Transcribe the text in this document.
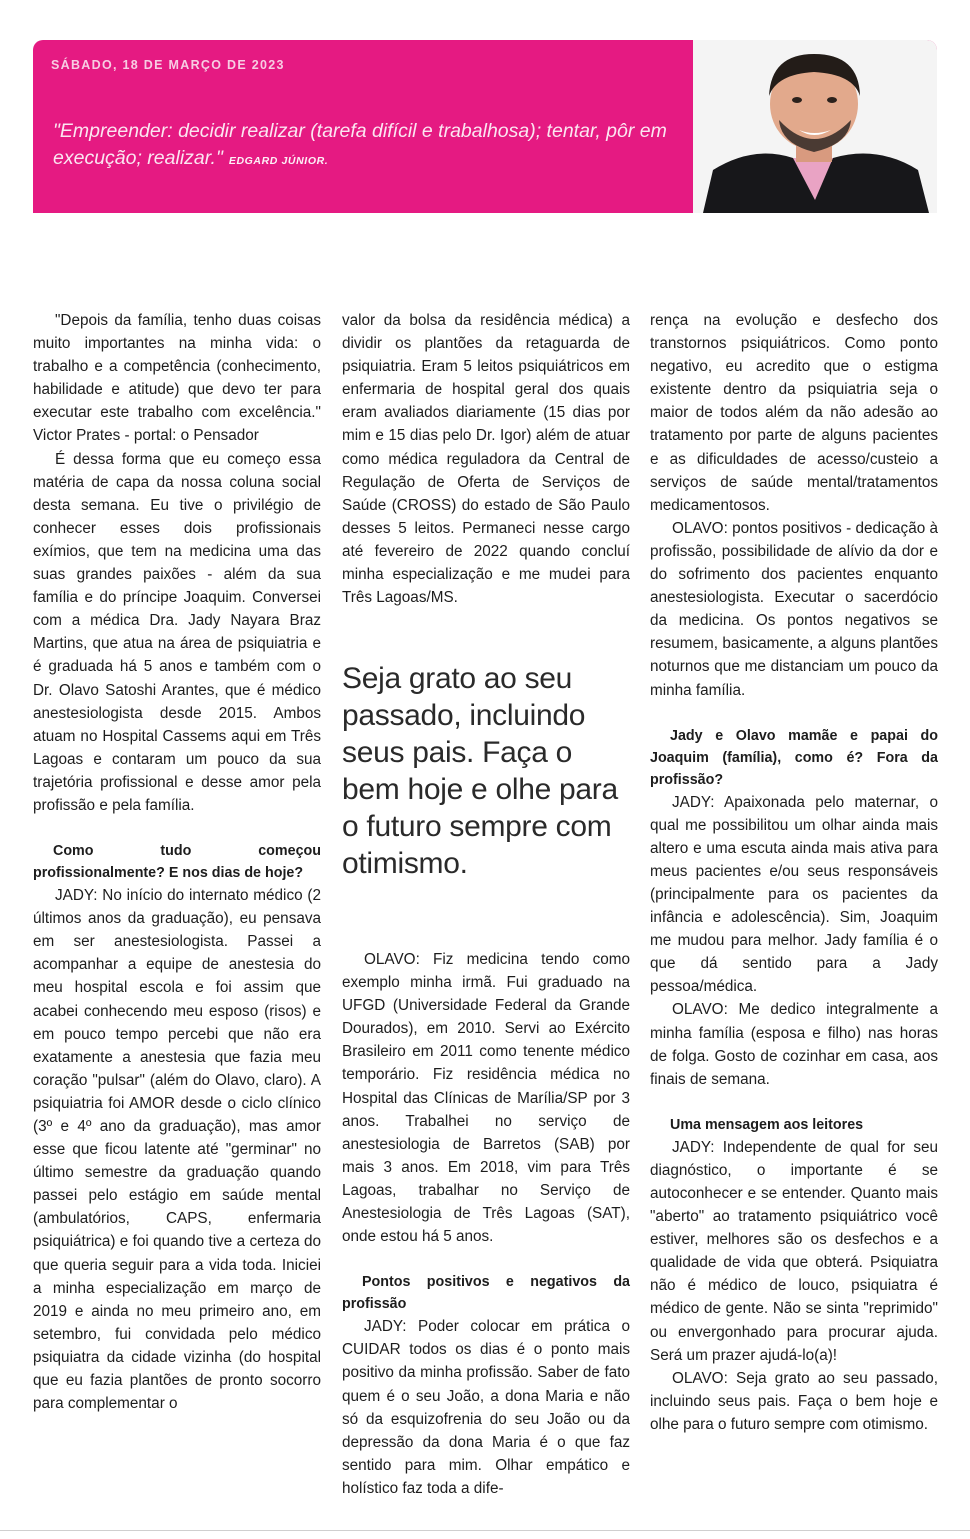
SÁBADO, 18 DE MARÇO DE 2023
"Empreender: decidir realizar (tarefa difícil e trabalhosa); tentar, pôr em execução; realizar." EDGARD JÚNIOR.

"Depois da família, tenho duas coisas muito importantes na minha vida: o trabalho e a competência (conhecimento, habilidade e atitude) que devo ter para executar este trabalho com excelência." Victor Prates - portal: o Pensador

É dessa forma que eu começo essa matéria de capa da nossa coluna social desta semana. Eu tive o privilégio de conhecer esses dois profissionais exímios, que tem na medicina uma das suas grandes paixões - além da sua família e do príncipe Joaquim. Conversei com a médica Dra. Jady Nayara Braz Martins, que atua na área de psiquiatria e é graduada há 5 anos e também com o Dr. Olavo Satoshi Arantes, que é médico anestesiologista desde 2015. Ambos atuam no Hospital Cassems aqui em Três Lagoas e contaram um pouco da sua trajetória profissional e desse amor pela profissão e pela família.

Como tudo começou profissionalmente? E nos dias de hoje?

JADY: No início do internato médico (2 últimos anos da graduação), eu pensava em ser anestesiologista. Passei a acompanhar a equipe de anestesia do meu hospital escola e foi assim que acabei conhecendo meu esposo (risos) e em pouco tempo percebi que não era exatamente a anestesia que fazia meu coração "pulsar" (além do Olavo, claro). A psiquiatria foi AMOR desde o ciclo clínico (3º e 4º ano da graduação), mas amor esse que ficou latente até "germinar" no último semestre da graduação quando passei pelo estágio em saúde mental (ambulatórios, CAPS, enfermaria psiquiátrica) e foi quando tive a certeza do que queria seguir para a vida toda. Iniciei a minha especialização em março de 2019 e ainda no meu primeiro ano, em setembro, fui convidada pelo médico psiquiatra da cidade vizinha (do hospital que eu fazia plantões de pronto socorro para complementar o

valor da bolsa da residência médica) a dividir os plantões da retaguarda de psiquiatria. Eram 5 leitos psiquiátricos em enfermaria de hospital geral dos quais eram avaliados diariamente (15 dias por mim e 15 dias pelo Dr. Igor) além de atuar como médica reguladora da Central de Regulação de Oferta de Serviços de Saúde (CROSS) do estado de São Paulo desses 5 leitos. Permaneci nesse cargo até fevereiro de 2022 quando concluí minha especialização e me mudei para Três Lagoas/MS.

Seja grato ao seu passado, incluindo seus pais. Faça o bem hoje e olhe para o futuro sempre com otimismo.

OLAVO: Fiz medicina tendo como exemplo minha irmã. Fui graduado na UFGD (Universidade Federal da Grande Dourados), em 2010. Servi ao Exército Brasileiro em 2011 como tenente médico temporário. Fiz residência médica no Hospital das Clínicas de Marília/SP por 3 anos. Trabalhei no serviço de anestesiologia de Barretos (SAB) por mais 3 anos. Em 2018, vim para Três Lagoas, trabalhar no Serviço de Anestesiologia de Três Lagoas (SAT), onde estou há 5 anos.

Pontos positivos e negativos da profissão

JADY: Poder colocar em prática o CUIDAR todos os dias é o ponto mais positivo da minha profissão. Saber de fato quem é o seu João, a dona Maria e não só da esquizofrenia do seu João ou da depressão da dona Maria é o que faz sentido para mim. Olhar empático e holístico faz toda a dife-

rença na evolução e desfecho dos transtornos psiquiátricos. Como ponto negativo, eu acredito que o estigma existente dentro da psiquiatria seja o maior de todos além da não adesão ao tratamento por parte de alguns pacientes e as dificuldades de acesso/custeio a serviços de saúde mental/tratamentos medicamentosos.

OLAVO: pontos positivos - dedicação à profissão, possibilidade de alívio da dor e do sofrimento dos pacientes enquanto anestesiologista. Executar o sacerdócio da medicina. Os pontos negativos se resumem, basicamente, a alguns plantões noturnos que me distanciam um pouco da minha família.

Jady e Olavo mamãe e papai do Joaquim (família), como é? Fora da profissão?

JADY: Apaixonada pelo maternar, o qual me possibilitou um olhar ainda mais altero e uma escuta ainda mais ativa para meus pacientes e/ou seus responsáveis (principalmente para os pacientes da infância e adolescência). Sim, Joaquim me mudou para melhor. Jady família é o que dá sentido para a Jady pessoa/médica.

OLAVO: Me dedico integralmente a minha família (esposa e filho) nas horas de folga. Gosto de cozinhar em casa, aos finais de semana.

Uma mensagem aos leitores

JADY: Independente de qual for seu diagnóstico, o importante é se autoconhecer e se entender. Quanto mais "aberto" ao tratamento psiquiátrico você estiver, melhores são os desfechos e a qualidade de vida que obterá. Psiquiatra não é médico de louco, psiquiatra é médico de gente. Não se sinta "reprimido" ou envergonhado para procurar ajuda. Será um prazer ajudá-lo(a)!

OLAVO: Seja grato ao seu passado, incluindo seus pais. Faça o bem hoje e olhe para o futuro sempre com otimismo.
